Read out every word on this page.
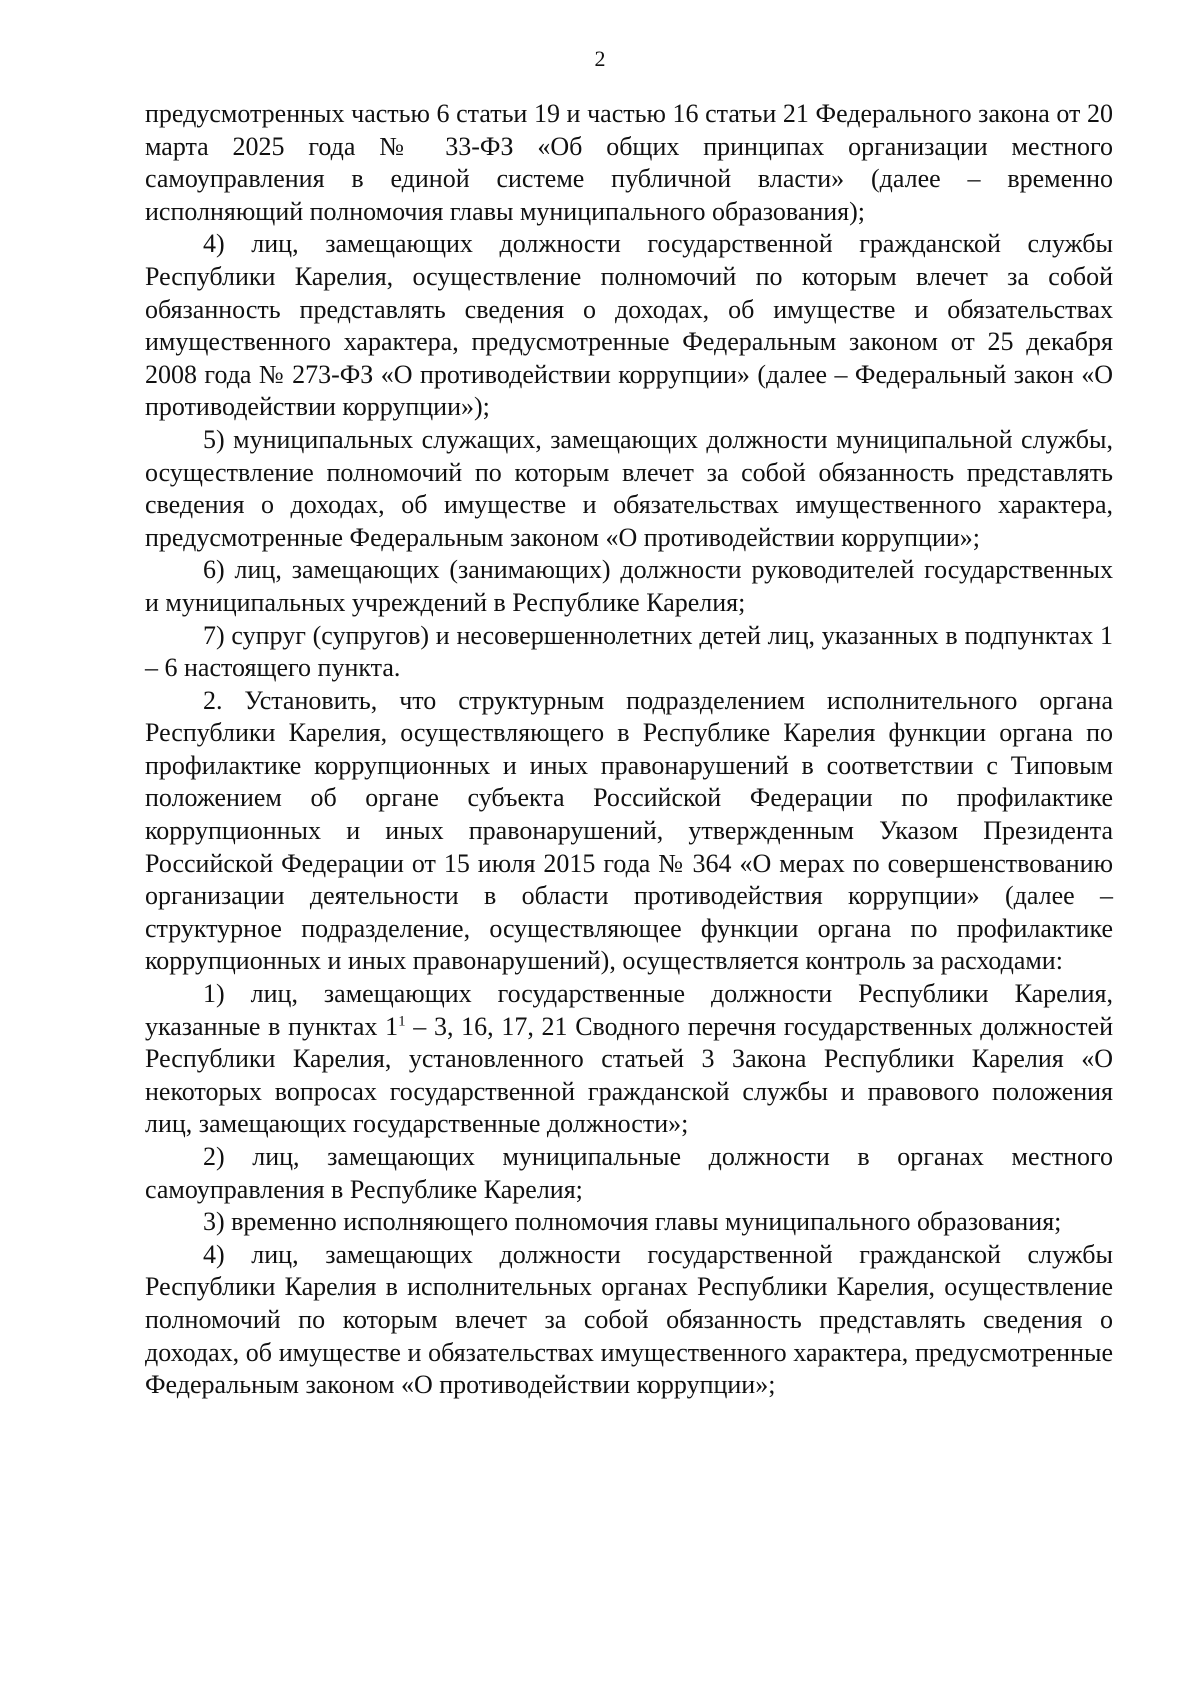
2

предусмотренных частью 6 статьи 19 и частью 16 статьи 21 Федерального закона от 20 марта 2025 года № 33-ФЗ «Об общих принципах организации местного самоуправления в единой системе публичной власти» (далее – временно исполняющий полномочия главы муниципального образования);

4) лиц, замещающих должности государственной гражданской службы Республики Карелия, осуществление полномочий по которым влечет за собой обязанность представлять сведения о доходах, об имуществе и обязательствах имущественного характера, предусмотренные Федеральным законом от 25 декабря 2008 года № 273-ФЗ «О противодействии коррупции» (далее – Федеральный закон «О противодействии коррупции»);

5) муниципальных служащих, замещающих должности муниципальной службы, осуществление полномочий по которым влечет за собой обязанность представлять сведения о доходах, об имуществе и обязательствах имущественного характера, предусмотренные Федеральным законом «О противодействии коррупции»;

6) лиц, замещающих (занимающих) должности руководителей государственных и муниципальных учреждений в Республике Карелия;

7) супруг (супругов) и несовершеннолетних детей лиц, указанных в подпунктах 1 – 6 настоящего пункта.

2. Установить, что структурным подразделением исполнительного органа Республики Карелия, осуществляющего в Республике Карелия функции органа по профилактике коррупционных и иных правонарушений в соответствии с Типовым положением об органе субъекта Российской Федерации по профилактике коррупционных и иных правонарушений, утвержденным Указом Президента Российской Федерации от 15 июля 2015 года № 364 «О мерах по совершенствованию организации деятельности в области противодействия коррупции» (далее – структурное подразделение, осуществляющее функции органа по профилактике коррупционных и иных правонарушений), осуществляется контроль за расходами:

1) лиц, замещающих государственные должности Республики Карелия, указанные в пунктах $1^1 - 3$, 16, 17, 21 Сводного перечня государственных должностей Республики Карелия, установленного статьей 3 Закона Республики Карелия «О некоторых вопросах государственной гражданской службы и правового положения лиц, замещающих государственные должности»;

2) лиц, замещающих муниципальные должности в органах местного самоуправления в Республике Карелия;

3) временно исполняющего полномочия главы муниципального образования;

4) лиц, замещающих должности государственной гражданской службы Республики Карелия в исполнительных органах Республики Карелия, осуществление полномочий по которым влечет за собой обязанность представлять сведения о доходах, об имуществе и обязательствах имущественного характера, предусмотренные Федеральным законом «О противодействии коррупции»;
